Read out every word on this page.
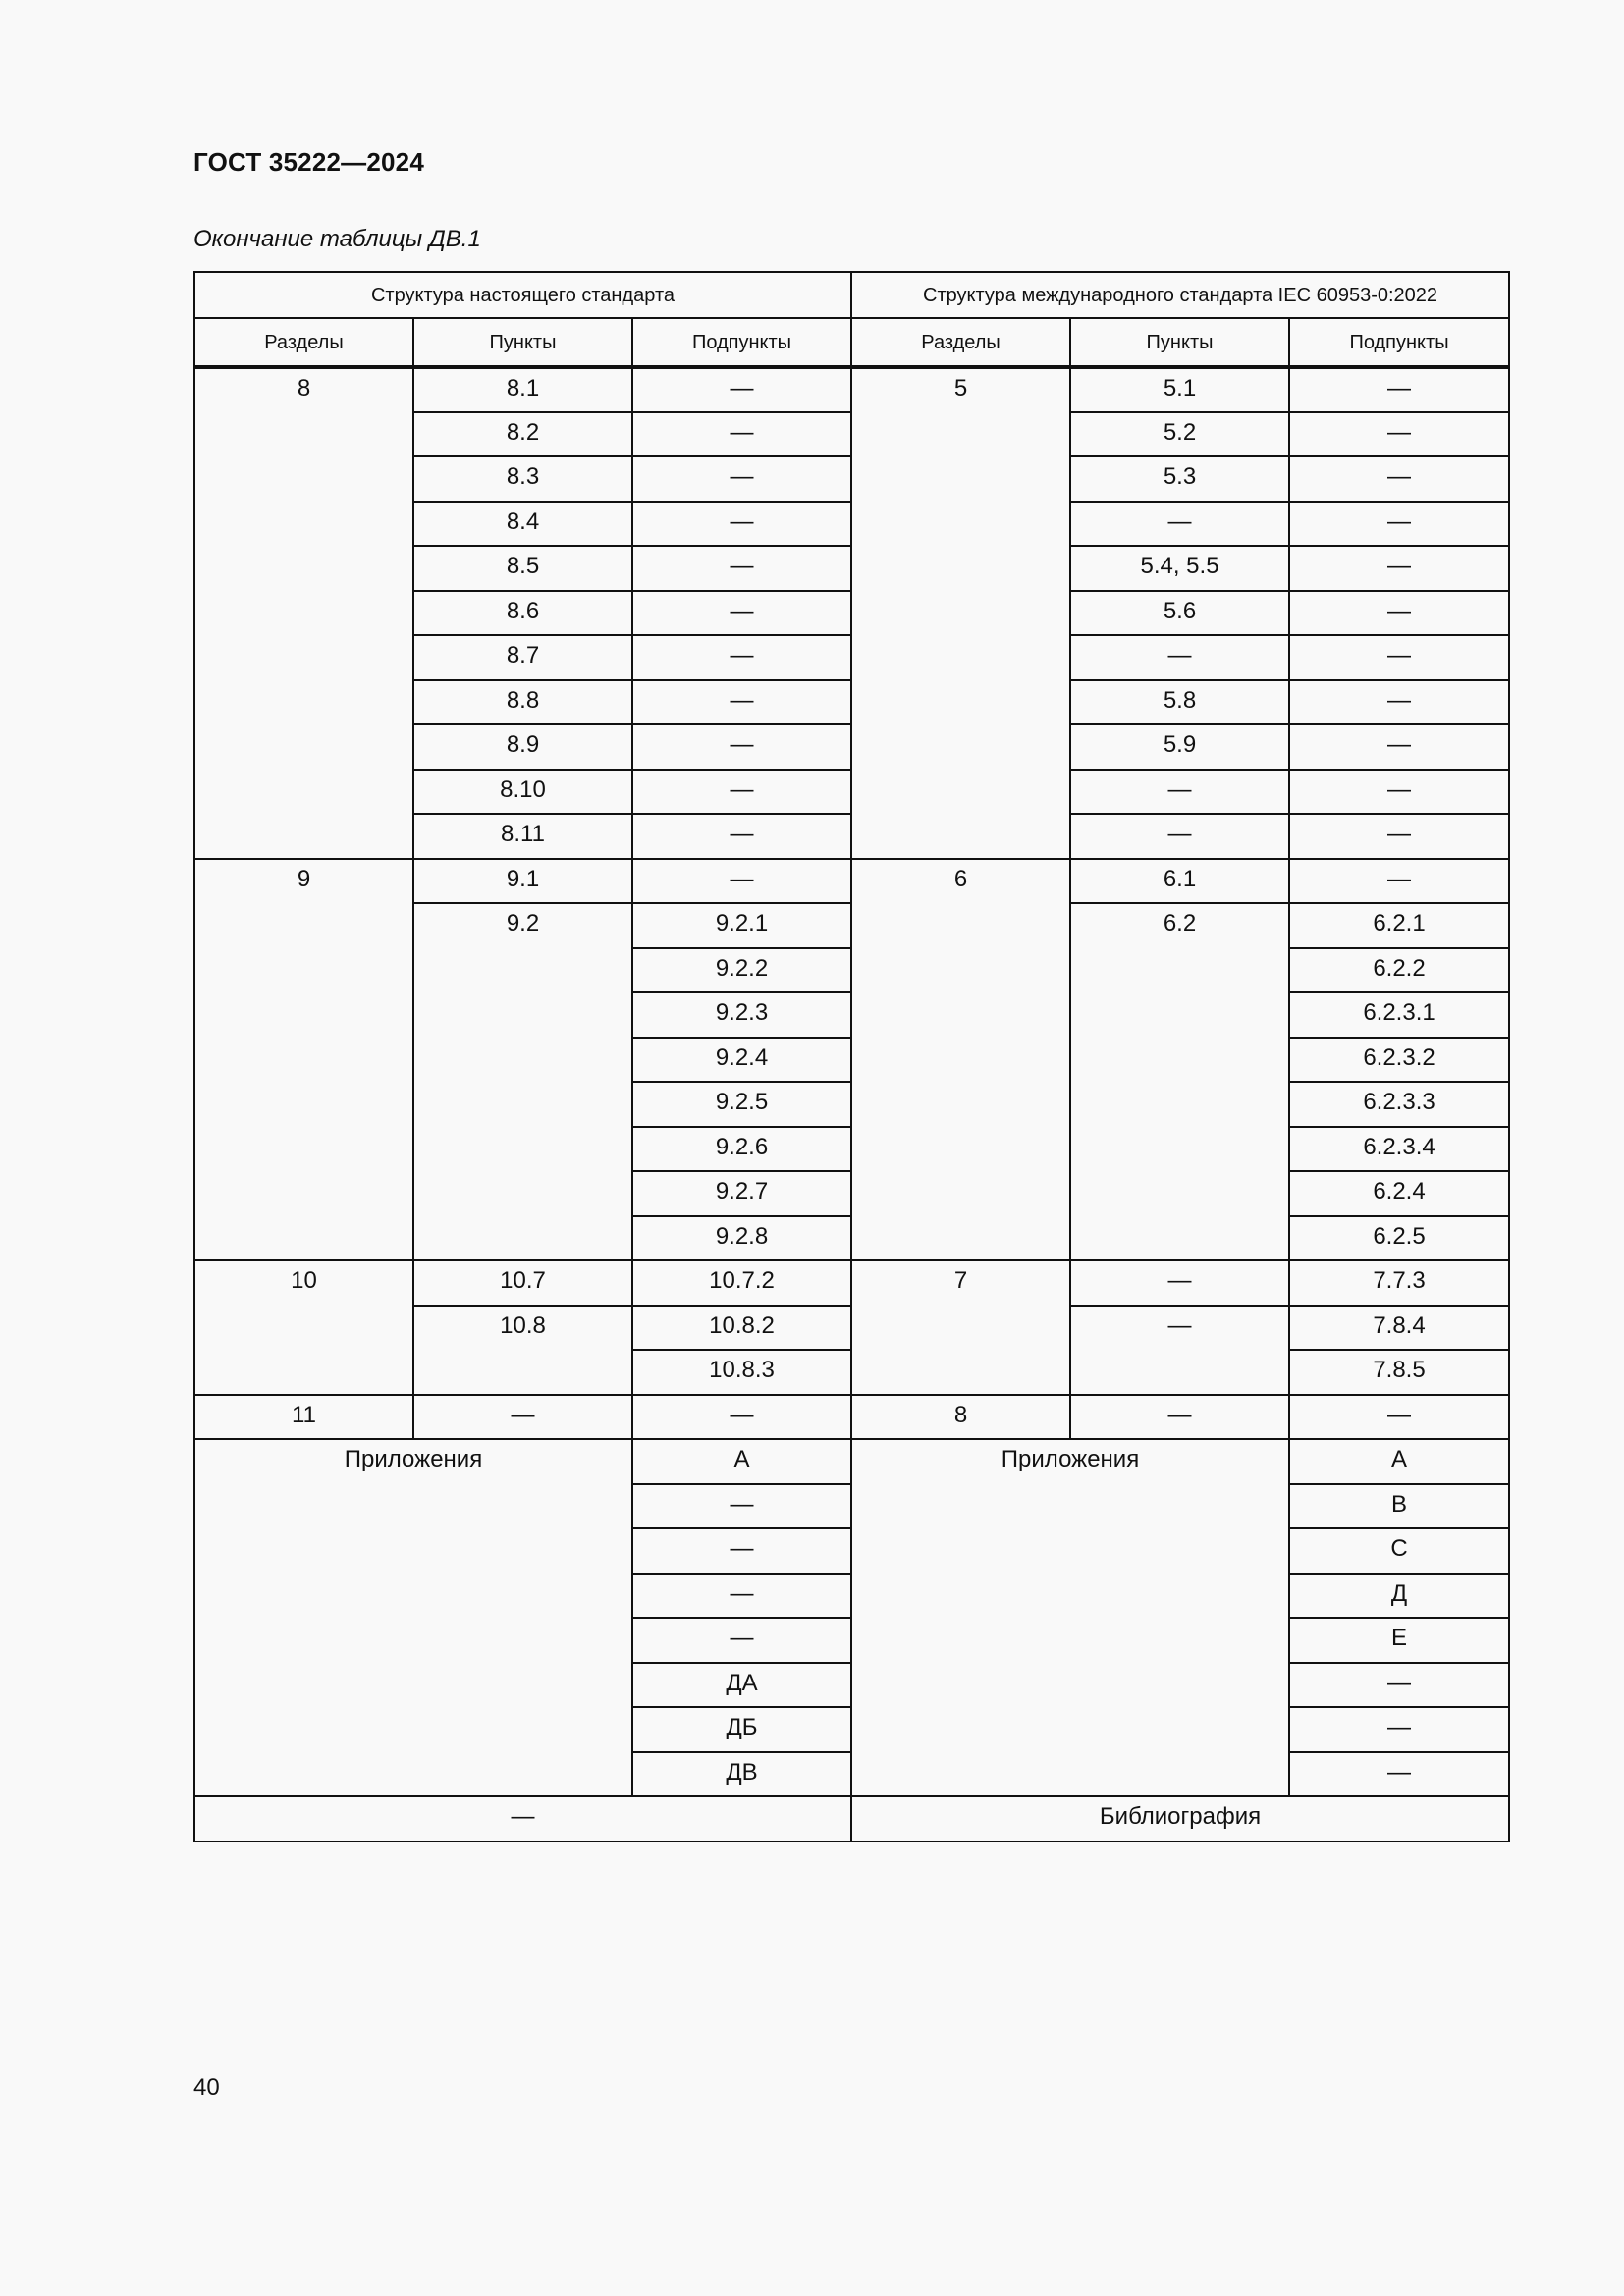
ГОСТ 35222—2024
Окончание таблицы ДВ.1
Структура настоящего стандарта			Структура международного стандарта IEC 60953-0:2022		
Разделы	Пункты	Подпункты	Разделы	Пункты	Подпункты
8	8.1	—	5	5.1	—
	8.2	—		5.2	—
	8.3	—		5.3	—
	8.4	—		—	—
	8.5	—		5.4, 5.5	—
	8.6	—		5.6	—
	8.7	—		—	—
	8.8	—		5.8	—
	8.9	—		5.9	—
	8.10	—		—	—
	8.11	—		—	—
9	9.1	—	6	6.1	—
	9.2	9.2.1		6.2	6.2.1
		9.2.2			6.2.2
		9.2.3			6.2.3.1
		9.2.4			6.2.3.2
		9.2.5			6.2.3.3
		9.2.6			6.2.3.4
		9.2.7			6.2.4
		9.2.8			6.2.5
10	10.7	10.7.2	7	—	7.7.3
	10.8	10.8.2		—	7.8.4
		10.8.3			7.8.5
11	—	—	8	—	—
Приложения		А	Приложения		А
		—			В
		—			С
		—			Д
		—			Е
		ДА			—
		ДБ			—
		ДВ			—
—			Библиография		
40
